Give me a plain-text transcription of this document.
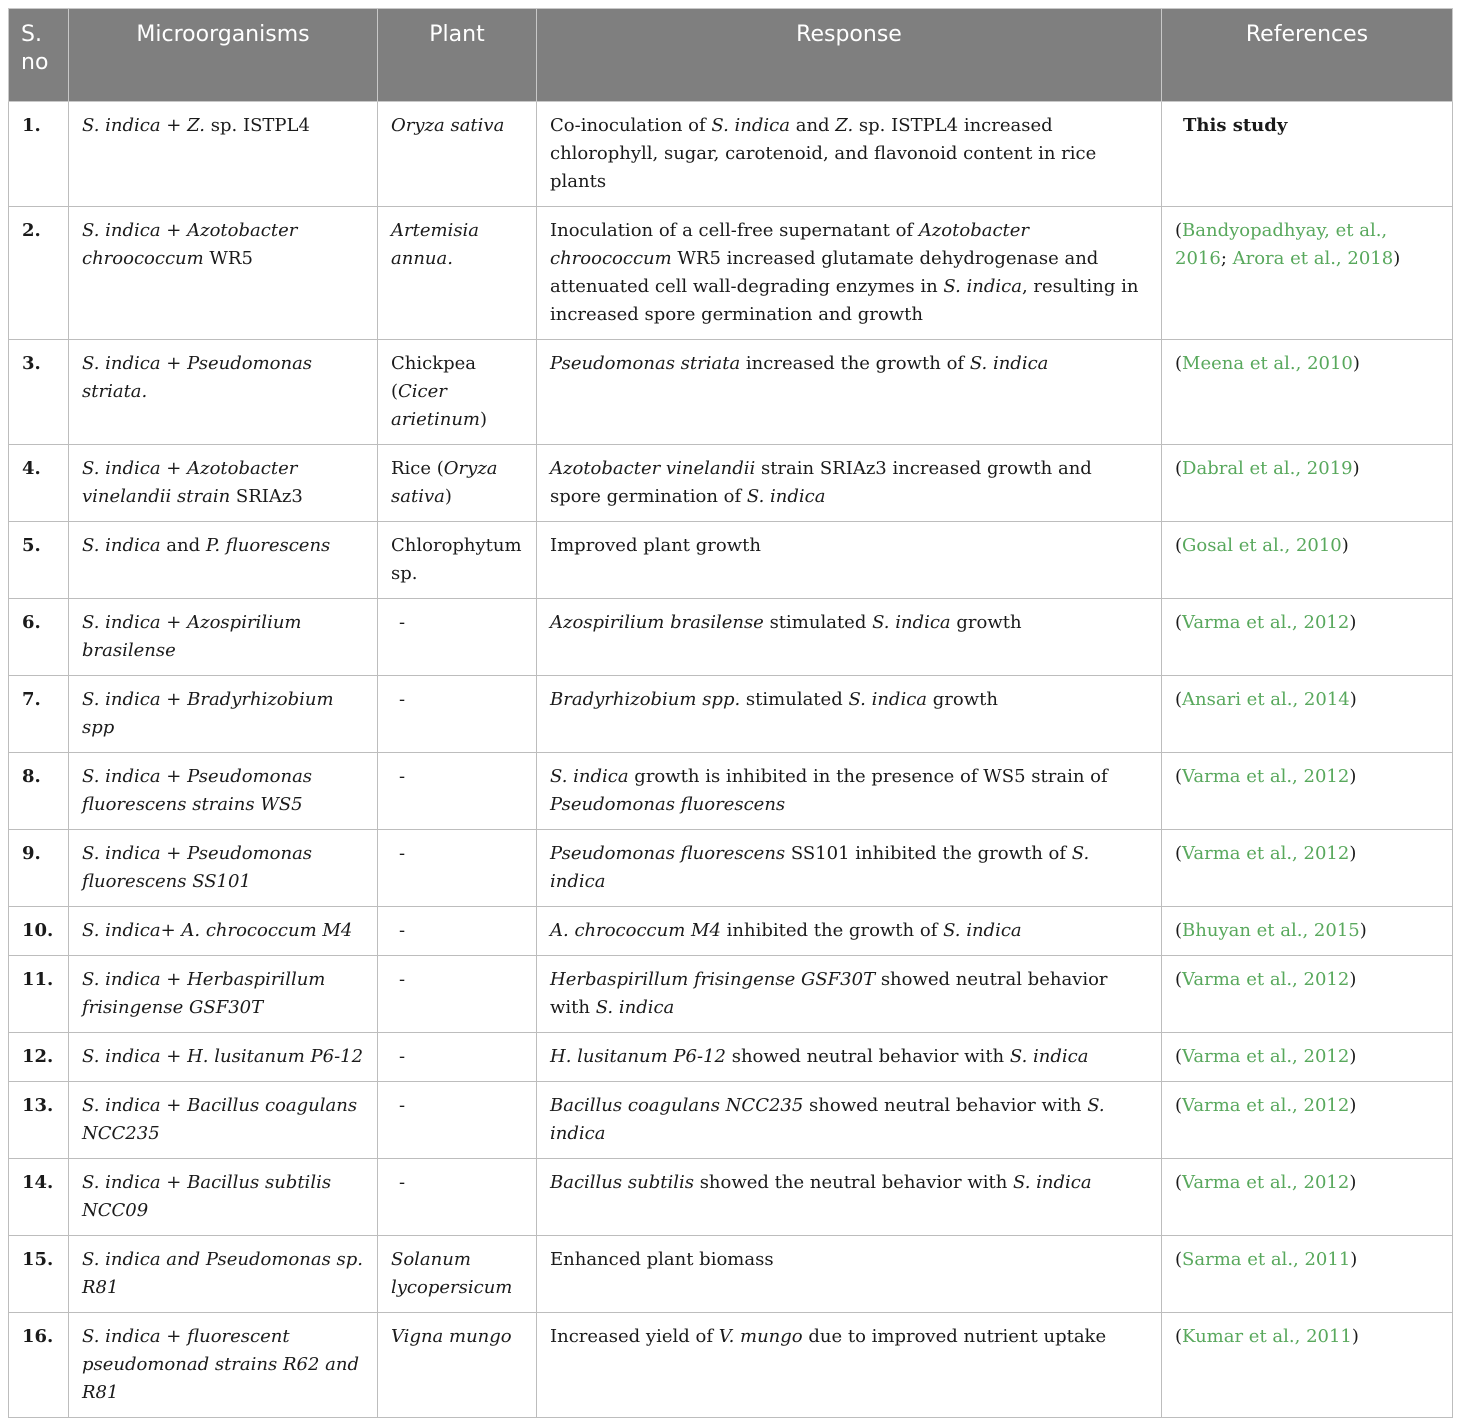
S. no	Microorganisms	Plant	Response	References
1.	S. indica + Z. sp. ISTPL4	Oryza sativa	Co-inoculation of S. indica and Z. sp. ISTPL4 increased chlorophyll, sugar, carotenoid, and flavonoid content in rice plants	This study
2.	S. indica + Azotobacter chroococcum WR5	Artemisia annua.	Inoculation of a cell-free supernatant of Azotobacter chroococcum WR5 increased glutamate dehydrogenase and attenuated cell wall-degrading enzymes in S. indica, resulting in increased spore germination and growth	(Bandyopadhyay, et al., 2016; Arora et al., 2018)
3.	S. indica + Pseudomonas striata.	Chickpea (Cicer arietinum)	Pseudomonas striata increased the growth of S. indica	(Meena et al., 2010)
4.	S. indica + Azotobacter vinelandii strain SRIAz3	Rice (Oryza sativa)	Azotobacter vinelandii strain SRIAz3 increased growth and spore germination of S. indica	(Dabral et al., 2019)
5.	S. indica and P. fluorescens	Chlorophytum sp.	Improved plant growth	(Gosal et al., 2010)
6.	S. indica + Azospirilium brasilense	-	Azospirilium brasilense stimulated S. indica growth	(Varma et al., 2012)
7.	S. indica + Bradyrhizobium spp	-	Bradyrhizobium spp. stimulated S. indica growth	(Ansari et al., 2014)
8.	S. indica + Pseudomonas fluorescens strains WS5	-	S. indica growth is inhibited in the presence of WS5 strain of Pseudomonas fluorescens	(Varma et al., 2012)
9.	S. indica + Pseudomonas fluorescens SS101	-	Pseudomonas fluorescens SS101 inhibited the growth of S. indica	(Varma et al., 2012)
10.	S. indica+ A. chrococcum M4	-	A. chrococcum M4 inhibited the growth of S. indica	(Bhuyan et al., 2015)
11.	S. indica + Herbaspirillum frisingense GSF30T	-	Herbaspirillum frisingense GSF30T showed neutral behavior with S. indica	(Varma et al., 2012)
12.	S. indica + H. lusitanum P6-12	-	H. lusitanum P6-12 showed neutral behavior with S. indica	(Varma et al., 2012)
13.	S. indica + Bacillus coagulans NCC235	-	Bacillus coagulans NCC235 showed neutral behavior with S. indica	(Varma et al., 2012)
14.	S. indica + Bacillus subtilis NCC09	-	Bacillus subtilis showed the neutral behavior with S. indica	(Varma et al., 2012)
15.	S. indica and Pseudomonas sp. R81	Solanum lycopersicum	Enhanced plant biomass	(Sarma et al., 2011)
16.	S. indica + fluorescent pseudomonad strains R62 and R81	Vigna mungo	Increased yield of V. mungo due to improved nutrient uptake	(Kumar et al., 2011)
